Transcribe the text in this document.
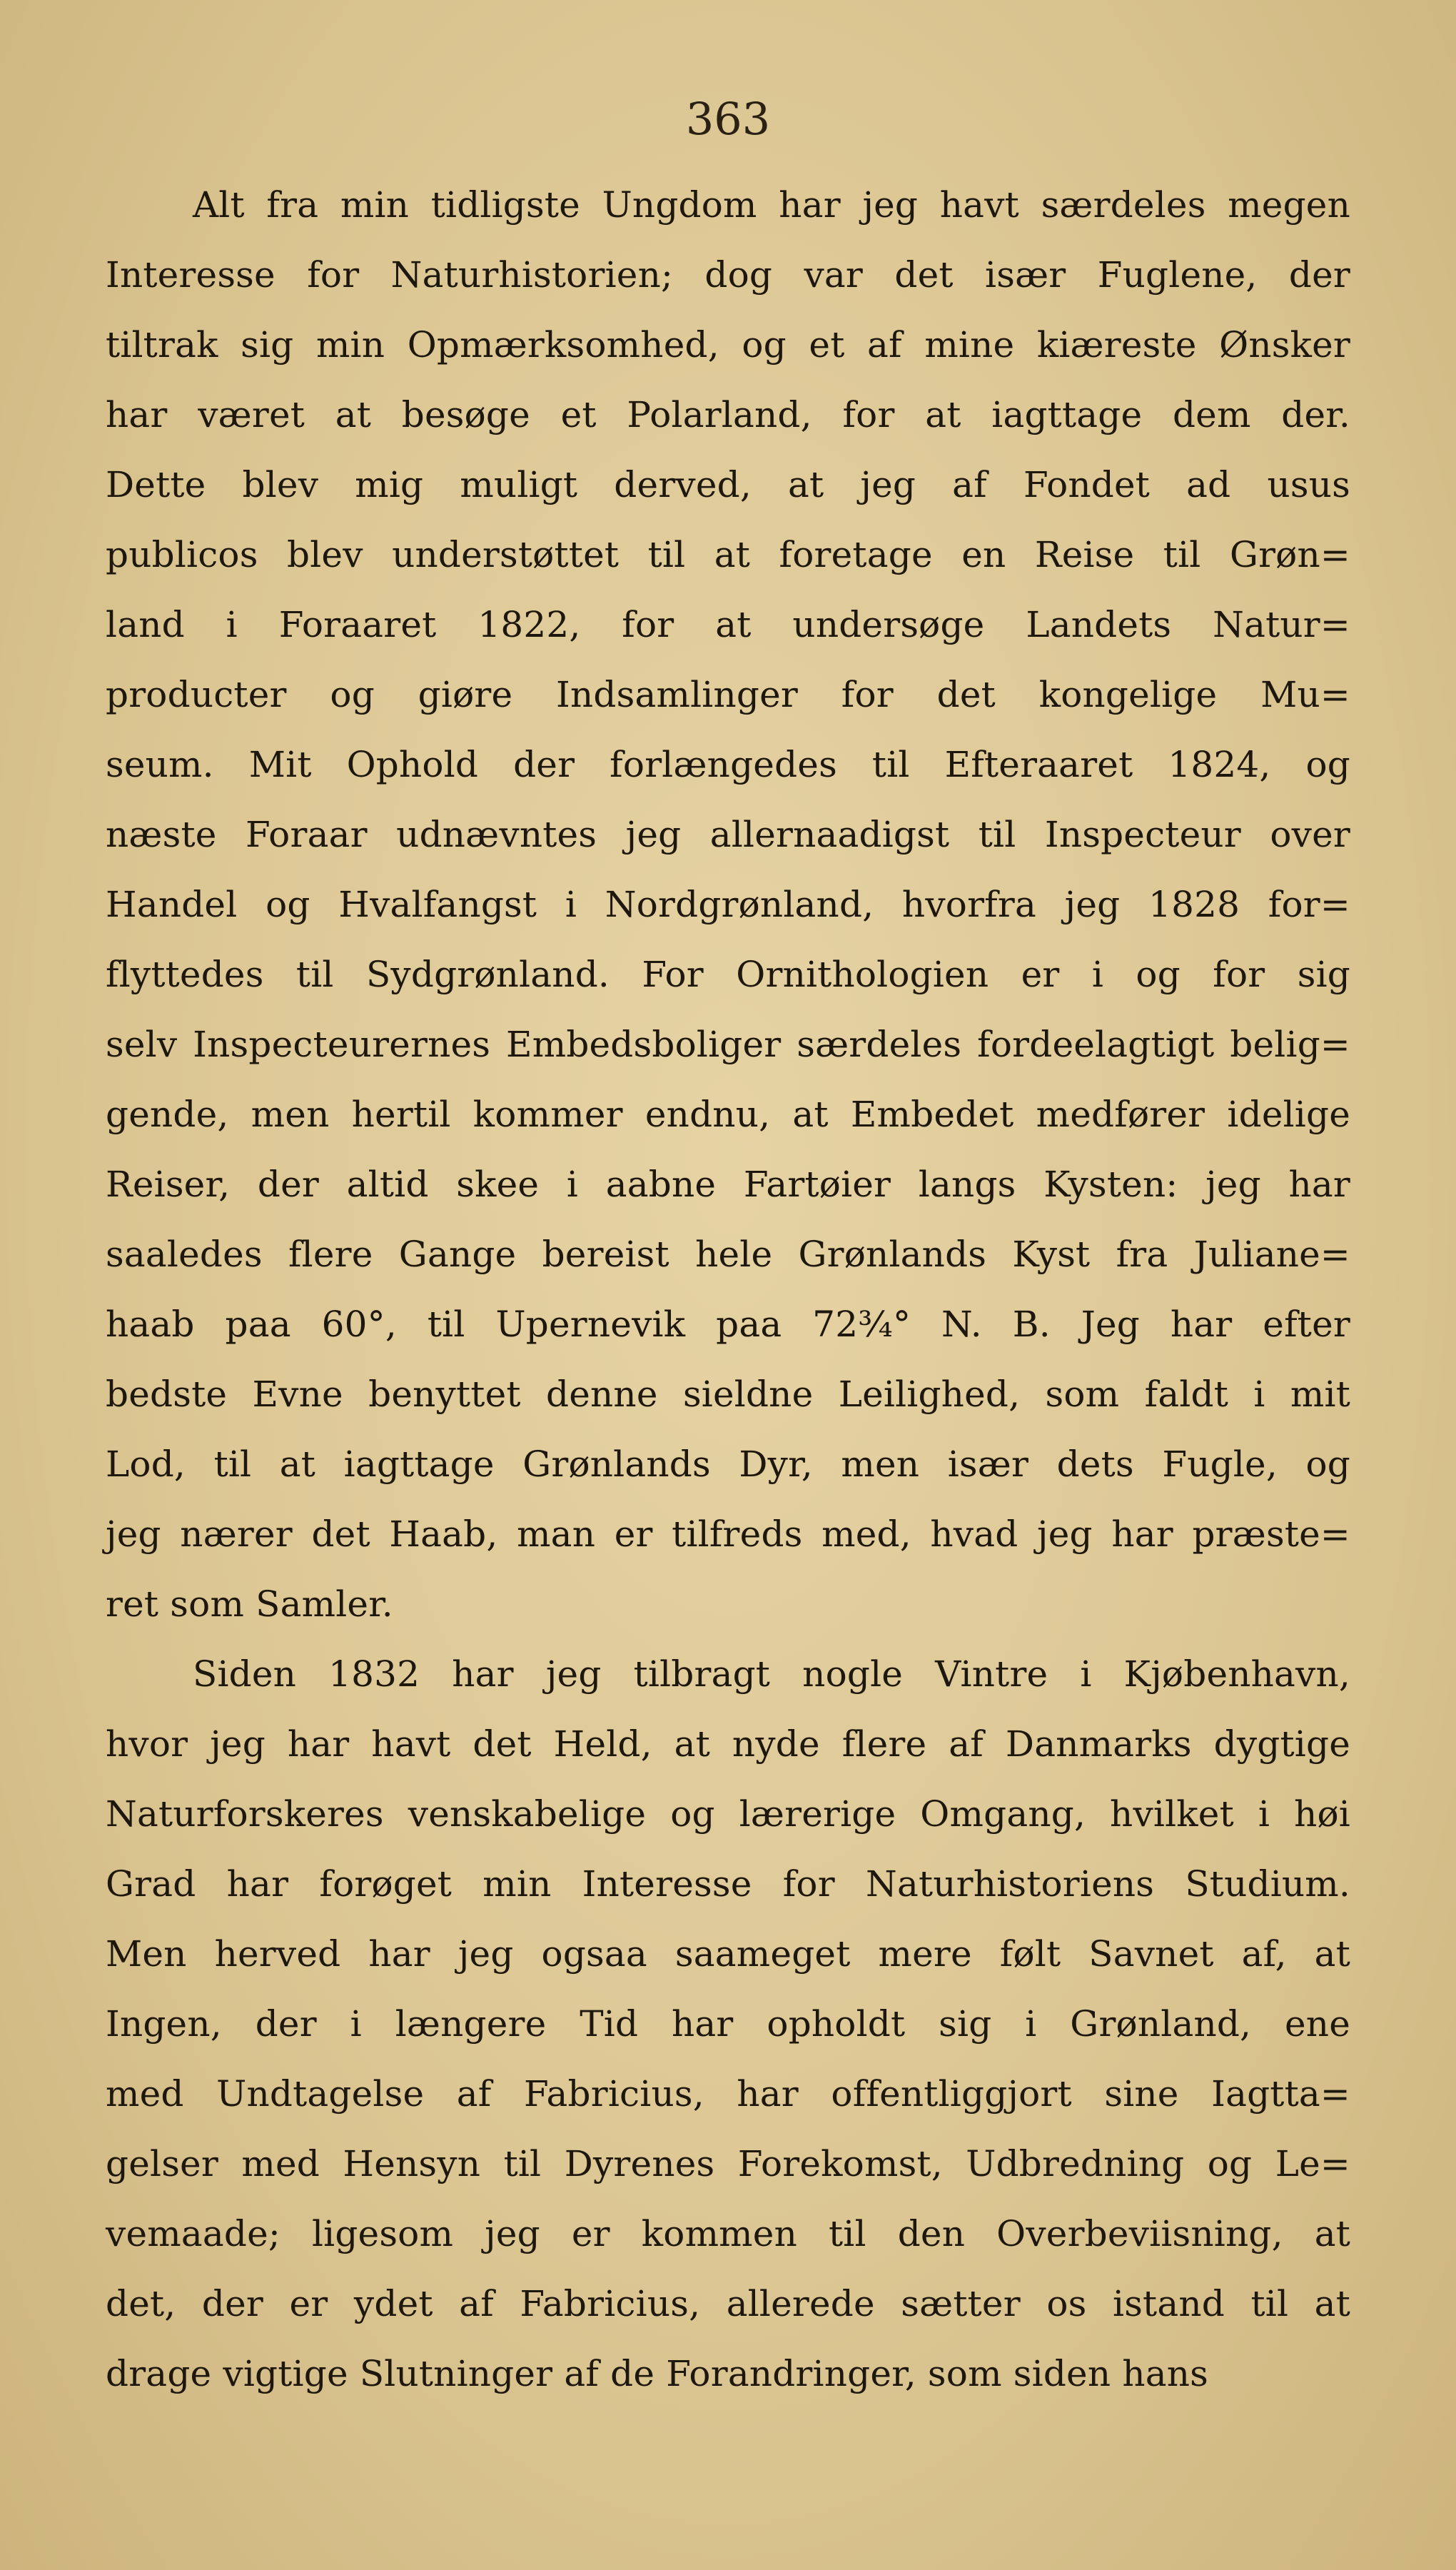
363
Alt fra min tidligste Ungdom har jeg havt særdeles megen
Interesse for Naturhistorien; dog var det især Fuglene, der
tiltrak sig min Opmærksomhed, og et af mine kiæreste Ønsker
har været at besøge et Polarland, for at iagttage dem der.
Dette blev mig muligt derved, at jeg af Fondet ad usus
publicos blev understøttet til at foretage en Reise til Grøn=
land i Foraaret 1822, for at undersøge Landets Natur=
producter og giøre Indsamlinger for det kongelige Mu=
seum. Mit Ophold der forlængedes til Efteraaret 1824, og
næste Foraar udnævntes jeg allernaadigst til Inspecteur over
Handel og Hvalfangst i Nordgrønland, hvorfra jeg 1828 for=
flyttedes til Sydgrønland. For Ornithologien er i og for sig
selv Inspecteurernes Embedsboliger særdeles fordeelagtigt belig=
gende, men hertil kommer endnu, at Embedet medfører idelige
Reiser, der altid skee i aabne Fartøier langs Kysten: jeg har
saaledes flere Gange bereist hele Grønlands Kyst fra Juliane=
haab paa 60°, til Upernevik paa 72¾° N. B. Jeg har efter
bedste Evne benyttet denne sieldne Leilighed, som faldt i mit
Lod, til at iagttage Grønlands Dyr, men især dets Fugle, og
jeg nærer det Haab, man er tilfreds med, hvad jeg har præste=
ret som Samler.
Siden 1832 har jeg tilbragt nogle Vintre i Kjøbenhavn,
hvor jeg har havt det Held, at nyde flere af Danmarks dygtige
Naturforskeres venskabelige og lærerige Omgang, hvilket i høi
Grad har forøget min Interesse for Naturhistoriens Studium.
Men herved har jeg ogsaa saameget mere følt Savnet af, at
Ingen, der i længere Tid har opholdt sig i Grønland, ene
med Undtagelse af Fabricius, har offentliggjort sine Iagtta=
gelser med Hensyn til Dyrenes Forekomst, Udbredning og Le=
vemaade; ligesom jeg er kommen til den Overbeviisning, at
det, der er ydet af Fabricius, allerede sætter os istand til at
drage vigtige Slutninger af de Forandringer, som siden hans
